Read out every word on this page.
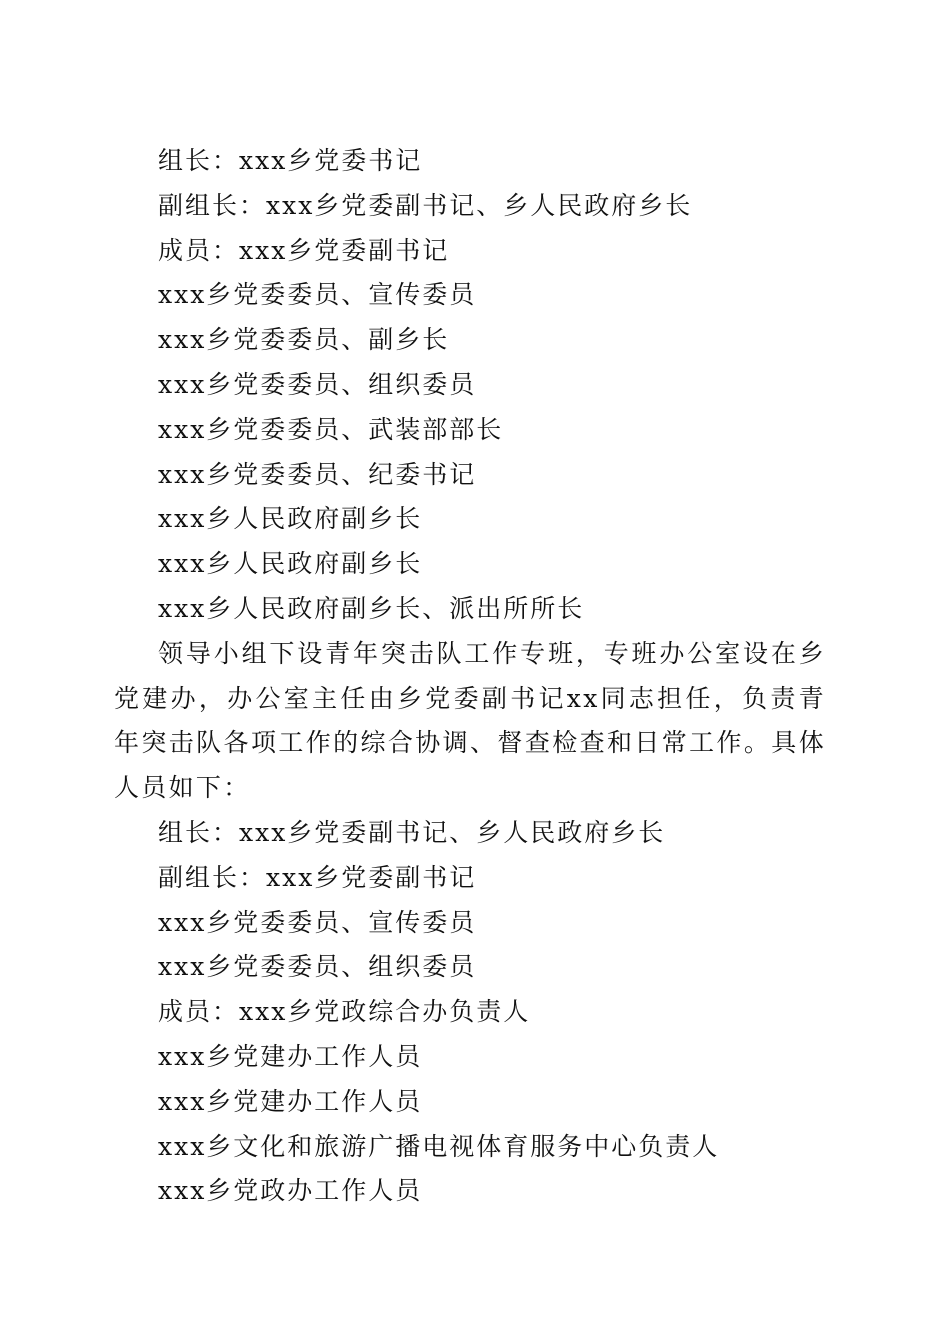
组长：xxx乡党委书记
副组长：xxx乡党委副书记、乡人民政府乡长
成员：xxx乡党委副书记
xxx乡党委委员、宣传委员
xxx乡党委委员、副乡长
xxx乡党委委员、组织委员
xxx乡党委委员、武装部部长
xxx乡党委委员、纪委书记
xxx乡人民政府副乡长
xxx乡人民政府副乡长
xxx乡人民政府副乡长、派出所所长
领导小组下设青年突击队工作专班，专班办公室设在乡党建办，办公室主任由乡党委副书记xx同志担任，负责青年突击队各项工作的综合协调、督查检查和日常工作。具体人员如下：
组长：xxx乡党委副书记、乡人民政府乡长
副组长：xxx乡党委副书记
xxx乡党委委员、宣传委员
xxx乡党委委员、组织委员
成员：xxx乡党政综合办负责人
xxx乡党建办工作人员
xxx乡党建办工作人员
xxx乡文化和旅游广播电视体育服务中心负责人
xxx乡党政办工作人员
